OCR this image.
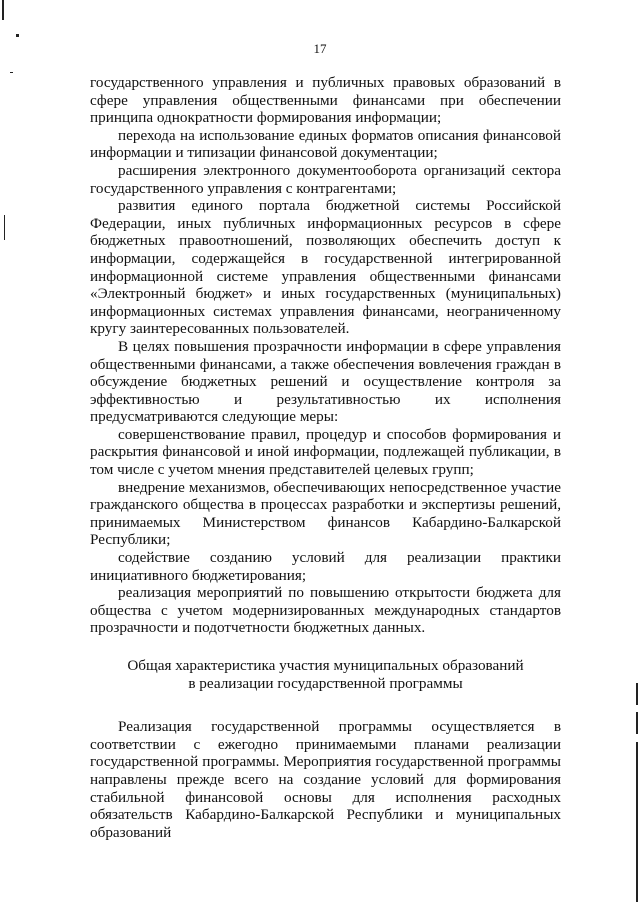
17

государственного управления и публичных правовых образований в сфере управления общественными финансами при обеспечении принципа однократности формирования информации;

перехода на использование единых форматов описания финансовой информации и типизации финансовой документации;

расширения электронного документооборота организаций сектора государственного управления с контрагентами;

развития единого портала бюджетной системы Российской Федерации, иных публичных информационных ресурсов в сфере бюджетных правоотношений, позволяющих обеспечить доступ к информации, содержащейся в государственной интегрированной информационной системе управления общественными финансами «Электронный бюджет» и иных государственных (муниципальных) информационных системах управления финансами, неограниченному кругу заинтересованных пользователей.

В целях повышения прозрачности информации в сфере управления общественными финансами, а также обеспечения вовлечения граждан в обсуждение бюджетных решений и осуществление контроля за эффективностью и результативностью их исполнения предусматриваются следующие меры:

совершенствование правил, процедур и способов формирования и раскрытия финансовой и иной информации, подлежащей публикации, в том числе с учетом мнения представителей целевых групп;

внедрение механизмов, обеспечивающих непосредственное участие гражданского общества в процессах разработки и экспертизы решений, принимаемых Министерством финансов Кабардино-Балкарской Республики;

содействие созданию условий для реализации практики инициативного бюджетирования;

реализация мероприятий по повышению открытости бюджета для общества с учетом модернизированных международных стандартов прозрачности и подотчетности бюджетных данных.

Общая характеристика участия муниципальных образований

в реализации государственной программы

Реализация государственной программы осуществляется в соответствии с ежегодно принимаемыми планами реализации государственной программы. Мероприятия государственной программы направлены прежде всего на создание условий для формирования стабильной финансовой основы для исполнения расходных обязательств Кабардино-Балкарской Республики и муниципальных образований
